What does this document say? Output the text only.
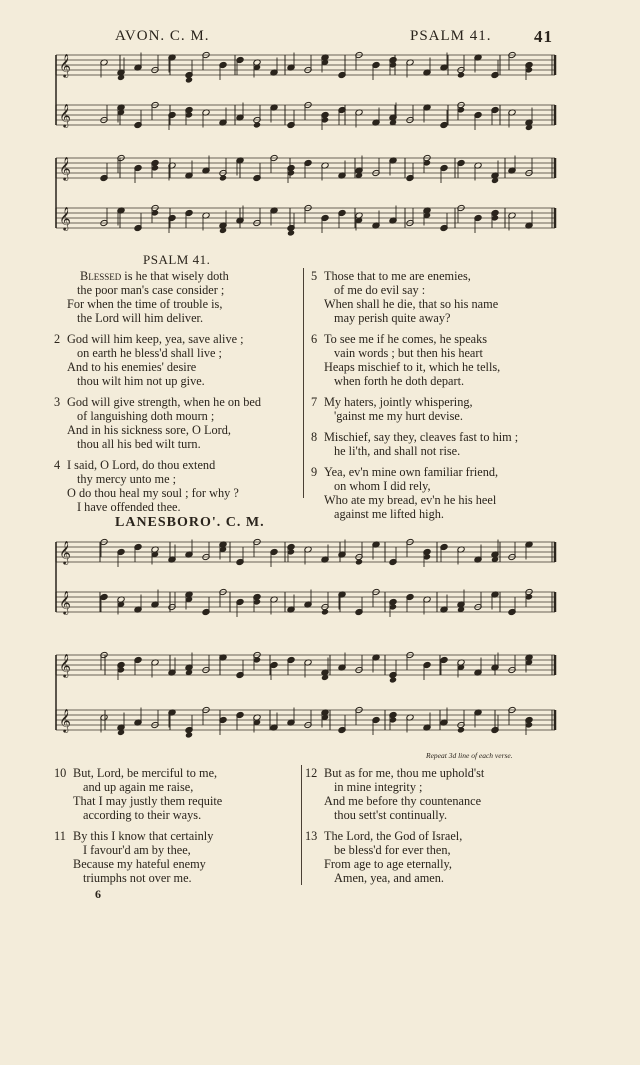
AVON. C. M.	PSALM 41. 41
𝄞
𝄞
𝄞
𝄞
𝄞
𝄞
𝄞
𝄞
PSALM 41.
Blessed is he that wisely doth
the poor man's case consider ;
For when the time of trouble is,
the Lord will him deliver.
2 God will him keep, yea, save alive ;
on earth he bless'd shall live ;
And to his enemies' desire
thou wilt him not up give.
3 God will give strength, when he on bed
of languishing doth mourn ;
And in his sickness sore, O Lord,
thou all his bed wilt turn.
4 I said, O Lord, do thou extend
thy mercy unto me ;
O do thou heal my soul ; for why ?
I have offended thee.
5 Those that to me are enemies,
of me do evil say :
When shall he die, that so his name
may perish quite away?
6 To see me if he comes, he speaks
vain words ; but then his heart
Heaps mischief to it, which he tells,
when forth he doth depart.
7 My haters, jointly whispering,
'gainst me my hurt devise.
8 Mischief, say they, cleaves fast to him ;
he li'th, and shall not rise.
9 Yea, ev'n mine own familiar friend,
on whom I did rely,
Who ate my bread, ev'n he his heel
against me lifted high.
LANESBORO'. C. M.
Repeat 3d line of each verse.
10 But, Lord, be merciful to me,
and up again me raise,
That I may justly them requite
according to their ways.
11 By this I know that certainly
I favour'd am by thee,
Because my hateful enemy
triumphs not over me.
12 But as for me, thou me uphold'st
in mine integrity ;
And me before thy countenance
thou sett'st continually.
13 The Lord, the God of Israel,
be bless'd for ever then,
From age to age eternally,
Amen, yea, and amen.
6
